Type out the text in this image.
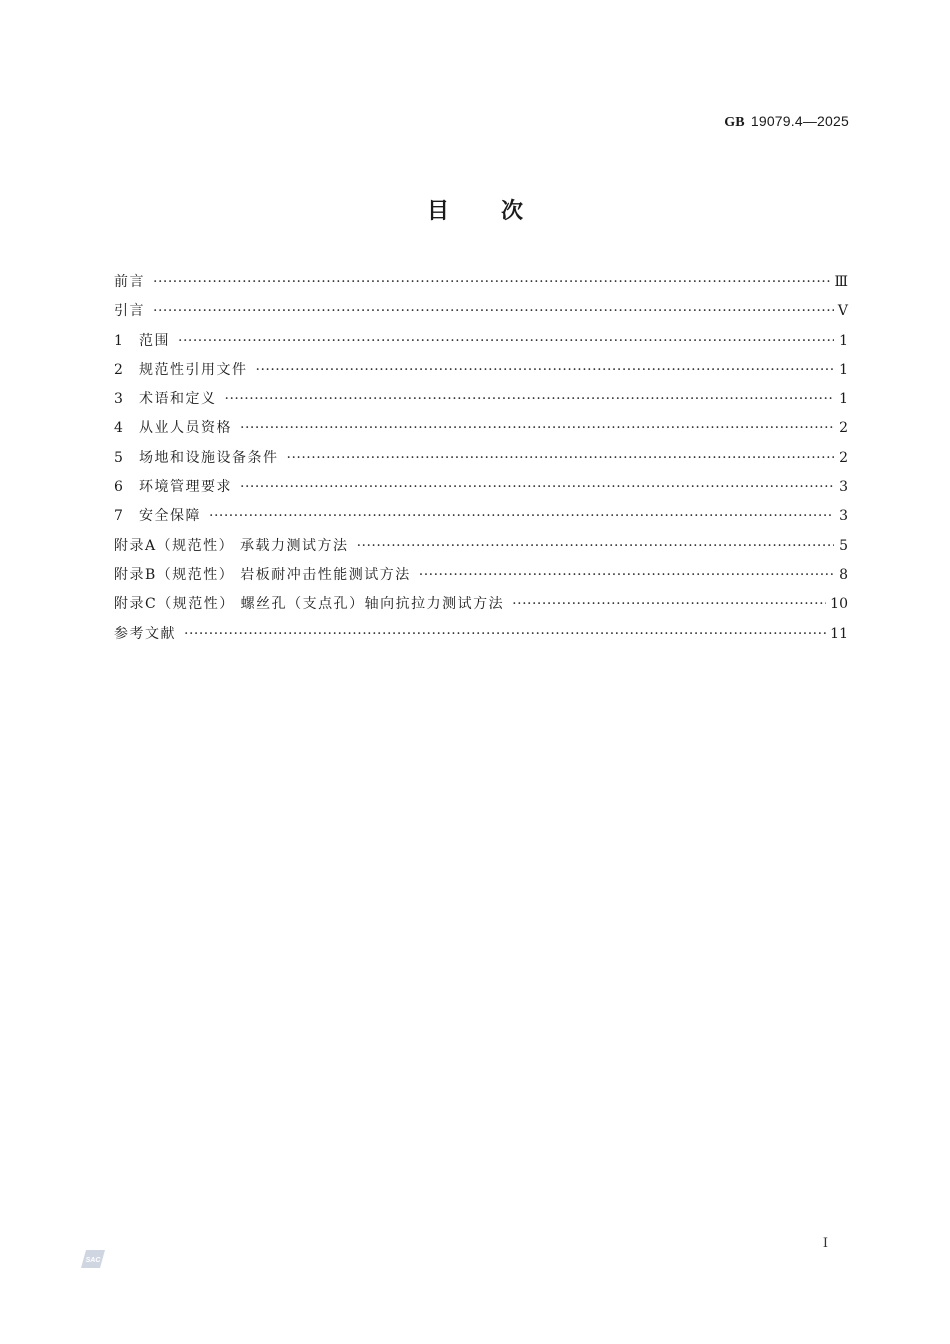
GB 19079.4—2025
目次
前言 ·····	Ⅲ
引言 ·····	Ⅴ
1	范围 ·····	1
2	规范性引用文件 ·····	1
3	术语和定义 ·····	1
4	从业人员资格 ·····	2
5	场地和设施设备条件 ·····	2
6	环境管理要求 ·····	3
7	安全保障 ·····	3
附录A（规范性） 承载力测试方法 ·····	5
附录B（规范性） 岩板耐冲击性能测试方法 ·····	8
附录C（规范性） 螺丝孔（支点孔）轴向抗拉力测试方法 ·····	10
参考文献 ·····	11
Ⅰ
SAC
